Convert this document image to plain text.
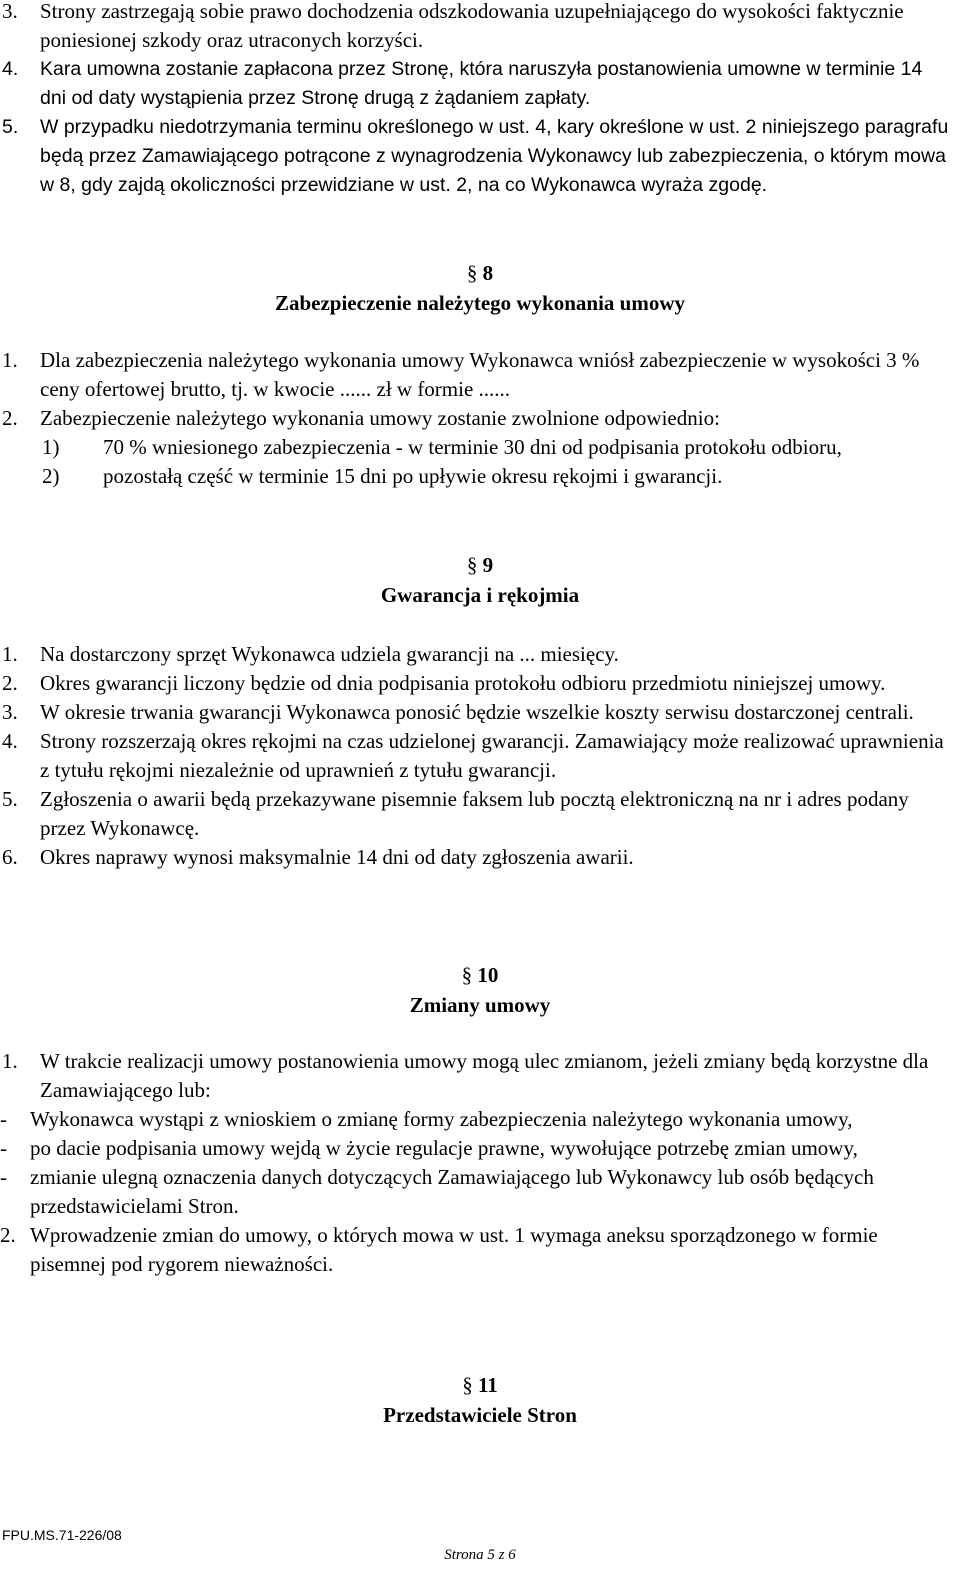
3. Strony zastrzegają sobie prawo dochodzenia odszkodowania uzupełniającego do wysokości faktycznie poniesionej szkody oraz utraconych korzyści.
4. Kara umowna zostanie zapłacona przez Stronę, która naruszyła postanowienia umowne w terminie 14 dni od daty wystąpienia przez Stronę drugą z żądaniem zapłaty.
5. W przypadku niedotrzymania terminu określonego w ust. 4, kary określone w ust. 2 niniejszego paragrafu będą przez Zamawiającego potrącone z wynagrodzenia Wykonawcy lub zabezpieczenia, o którym mowa w 8, gdy zajdą okoliczności przewidziane w ust. 2, na co Wykonawca wyraża zgodę.
§ 8
Zabezpieczenie należytego wykonania umowy
1. Dla zabezpieczenia należytego wykonania umowy Wykonawca wniósł zabezpieczenie w wysokości 3 % ceny ofertowej brutto, tj. w kwocie ...... zł w formie ......
2. Zabezpieczenie należytego wykonania umowy zostanie zwolnione odpowiednio:
1) 70 % wniesionego zabezpieczenia - w terminie 30 dni od podpisania protokołu odbioru,
2) pozostałą część w terminie 15 dni po upływie okresu rękojmi i gwarancji.
§ 9
Gwarancja i rękojmia
1. Na dostarczony sprzęt Wykonawca udziela gwarancji na ... miesięcy.
2. Okres gwarancji liczony będzie od dnia podpisania protokołu odbioru przedmiotu niniejszej umowy.
3. W okresie trwania gwarancji Wykonawca ponosić będzie wszelkie koszty serwisu dostarczonej centrali.
4. Strony rozszerzają okres rękojmi na czas udzielonej gwarancji. Zamawiający może realizować uprawnienia z tytułu rękojmi niezależnie od uprawnień z tytułu gwarancji.
5. Zgłoszenia o awarii będą przekazywane pisemnie faksem lub pocztą elektroniczną na nr i adres podany przez Wykonawcę.
6. Okres naprawy wynosi maksymalnie 14 dni od daty zgłoszenia awarii.
§ 10
Zmiany umowy
1. W trakcie realizacji umowy postanowienia umowy mogą ulec zmianom, jeżeli zmiany będą korzystne dla Zamawiającego lub:
- Wykonawca wystąpi z wnioskiem o zmianę formy zabezpieczenia należytego wykonania umowy,
- po dacie podpisania umowy wejdą w życie regulacje prawne, wywołujące potrzebę zmian umowy,
- zmianie ulegną oznaczenia danych dotyczących Zamawiającego lub Wykonawcy lub osób będących przedstawicielami Stron.
2. Wprowadzenie zmian do umowy, o których mowa w ust. 1 wymaga aneksu sporządzonego w formie pisemnej pod rygorem nieważności.
§ 11
Przedstawiciele Stron
FPU.MS.71-226/08
Strona 5 z 6
